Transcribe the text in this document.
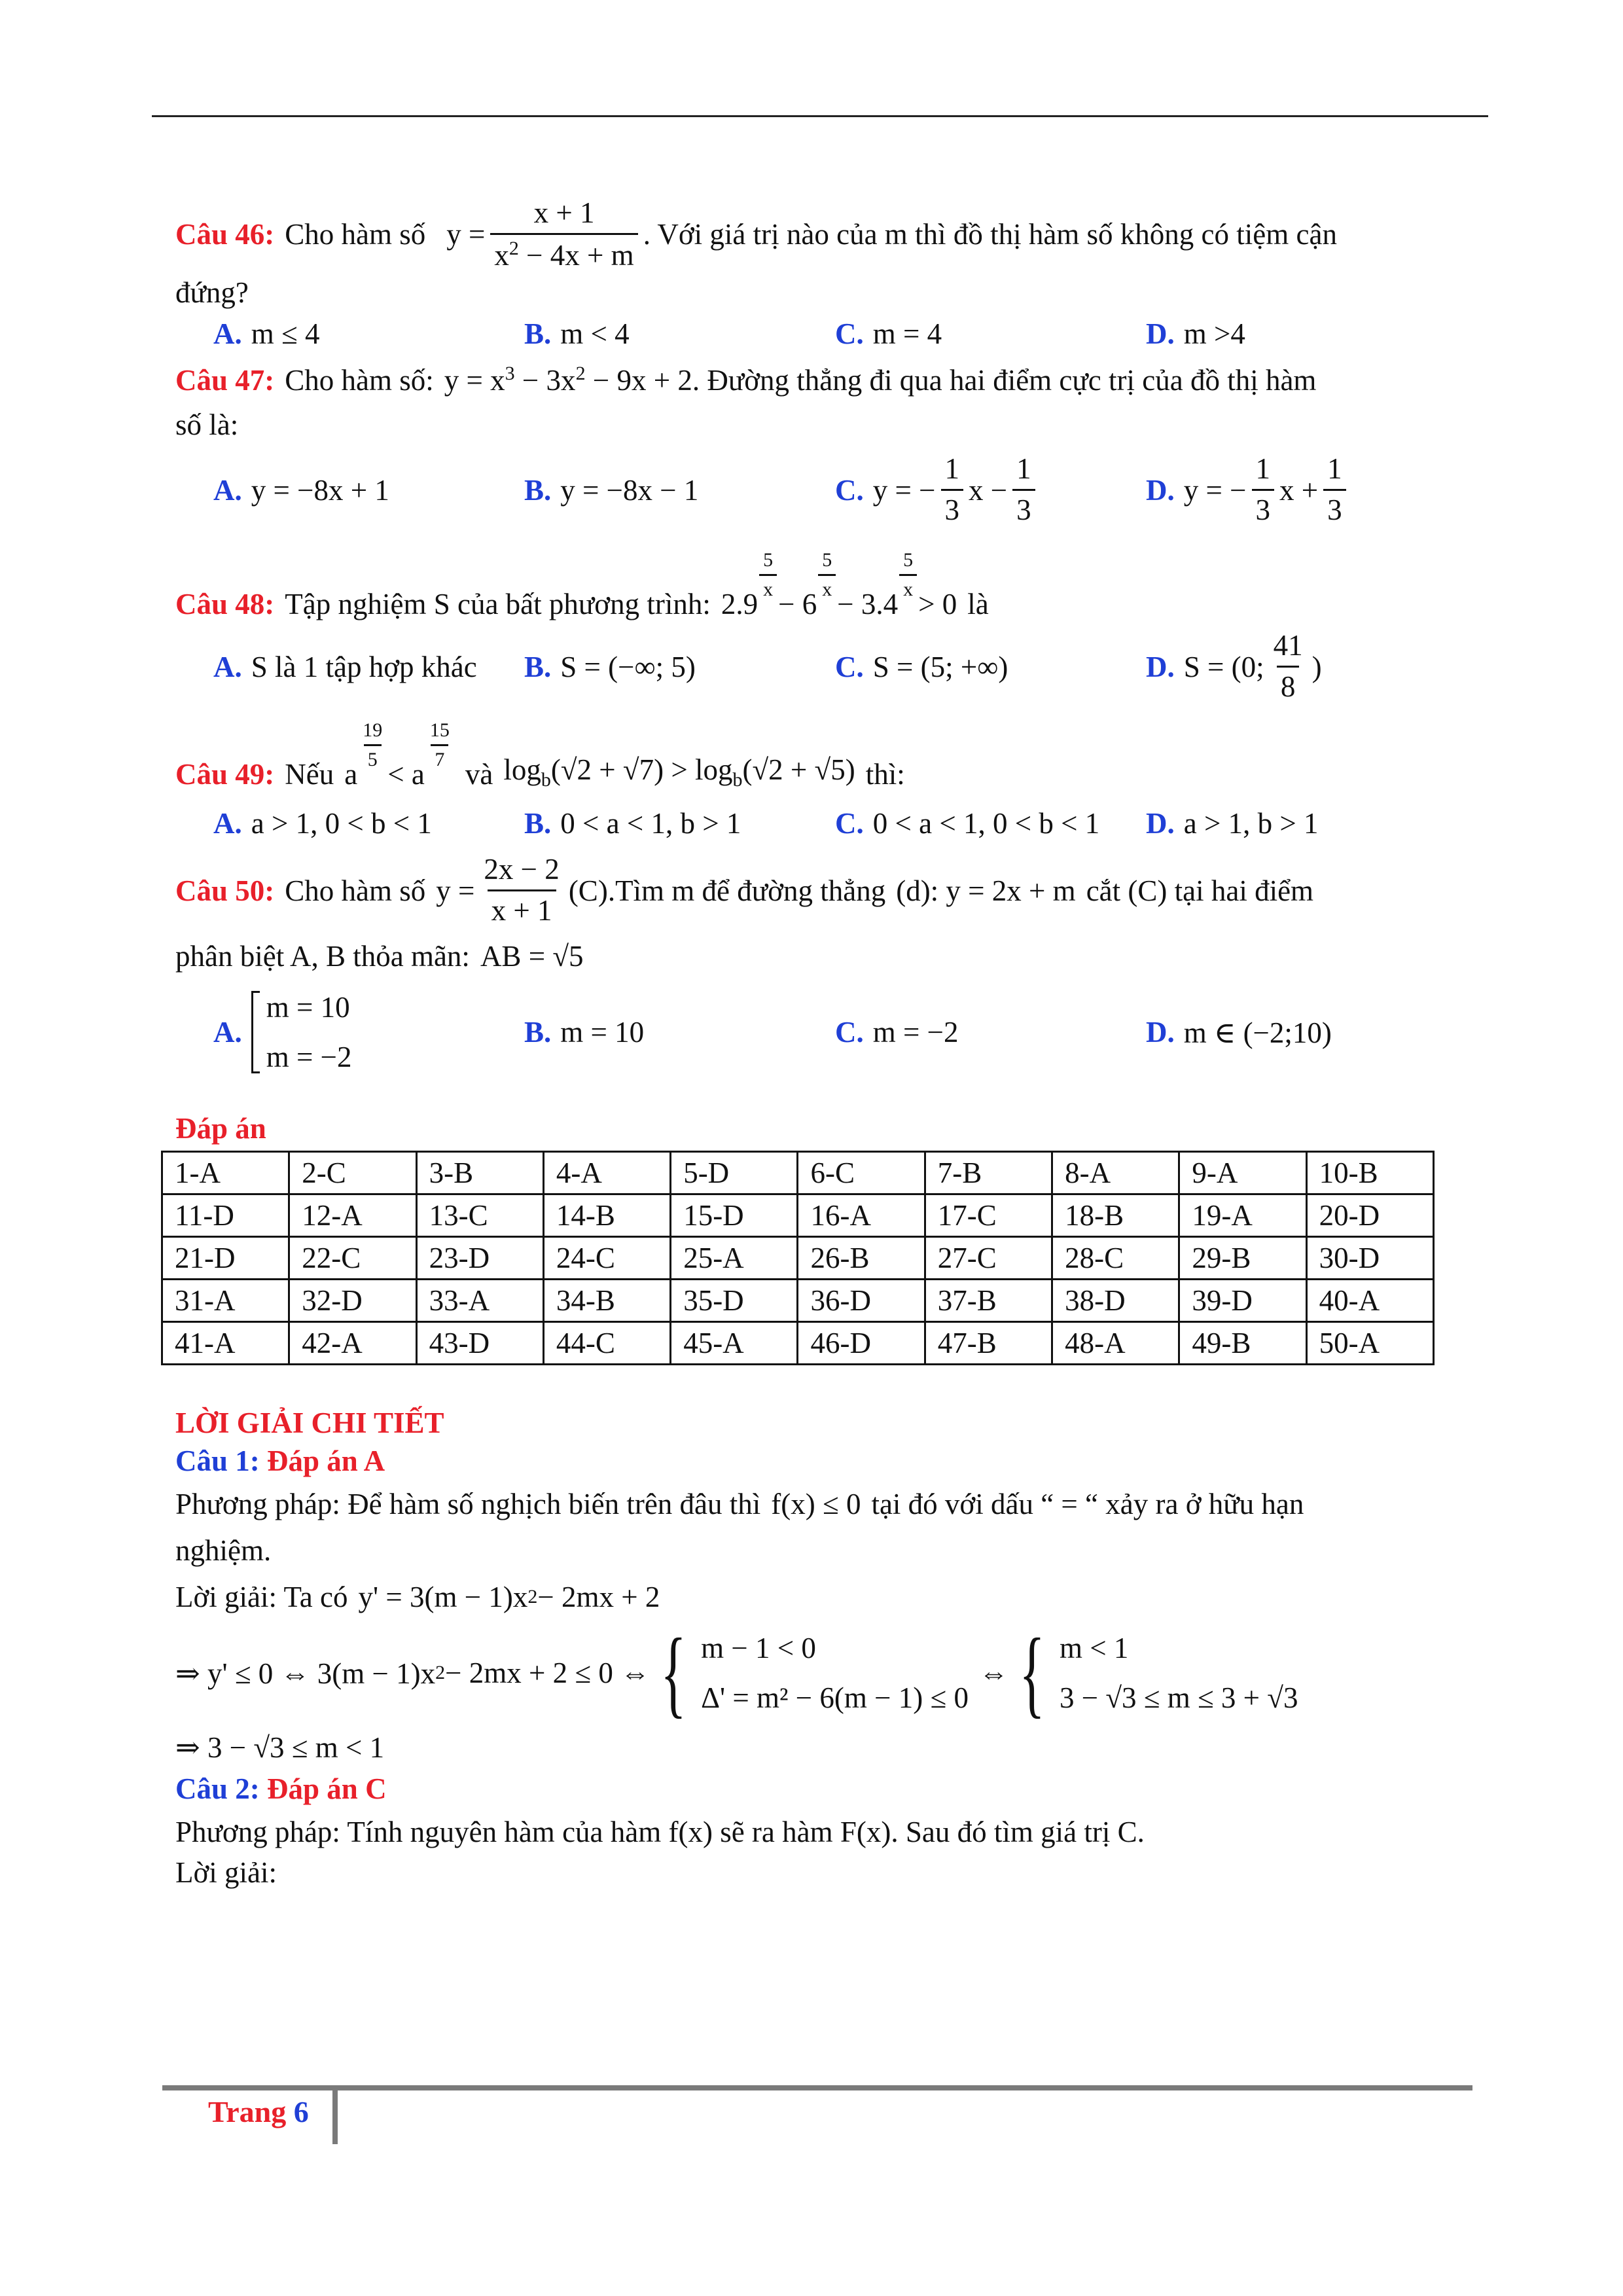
Câu 46: Cho hàm số $y = \frac{x + 1}{x^2 - 4x + m}$ . Với giá trị nào của m thì đồ thị hàm số không có tiệm cận
đứng?
A. m ≤ 4	B. m < 4	C. m = 4	D. m >4
Câu 47: Cho hàm số: $y = x^3 - 3x^2 - 9x + 2$ . Đường thẳng đi qua hai điểm cực trị của đồ thị hàm
số là:
A. y = −8x + 1	B. y = −8x − 1	C. y = − $\frac{1}{3}$ $x - \frac{1}{3}$	D. y = − $\frac{1}{3}$ $x + \frac{1}{3}$
Câu 48: Tập nghiệm S của bất phương trình: 2.9
5
x − 6
5
x − 3.4
5
x > 0 là
A. S là 1 tập hợp khác B. S = (−∞; 5)	C. S = (5; +∞)	D. S = (0;
41
8
)
Câu 49: Nếu a
19
5 < a
15
7 và $\log_b(√2 + √7) > \log_b(√2 + √5)$ thì:
A. a > 1, 0 < b < 1	B. 0 < a < 1, b > 1	C. 0 < a < 1, 0 < b < 1 D. a > 1, b > 1
Câu 50: Cho hàm số $y = \frac{2x - 2}{x + 1} (C)$ .Tìm m để đường thẳng (d): y = 2x + m cắt (C) tại hai điểm
phân biệt A, B thỏa mãn: AB = √5
A.
m = 10
m = −2
B. m = 10	C. m = −2	D. m ∈ (−2;10)
Đáp án
1-A	2-C	3-B	4-A	5-D	6-C	7-B	8-A	9-A	10-B
11-D	12-A	13-C	14-B	15-D	16-A	17-C	18-B	19-A	20-D
21-D	22-C	23-D	24-C	25-A	26-B	27-C	28-C	29-B	30-D
31-A	32-D	33-A	34-B	35-D	36-D	37-B	38-D	39-D	40-A
41-A	42-A	43-D	44-C	45-A	46-D	47-B	48-A	49-B	50-A
LỜI GIẢI CHI TIẾT
Câu 1: Đáp án A
Phương pháp: Để hàm số nghịch biến trên đâu thì f(x) ≤ 0 tại đó với dấu “ = “ xảy ra ở hữu hạn
nghiệm.
Lời giải: Ta có y' = 3(m − 1)x 2 − 2mx + 2
⇒ y' ≤ 0 ⇔ 3(m − 1)x 2 − 2mx + 2 ≤ 0 ⇔ { m − 1 < 0
Δ' = m² − 6(m − 1) ≤ 0
⇔ { m < 1
3 − √3 ≤ m ≤ 3 + √3
⇒ 3 − √3 ≤ m < 1
Câu 2: Đáp án C
Phương pháp: Tính nguyên hàm của hàm f(x) sẽ ra hàm F(x). Sau đó tìm giá trị C.
Lời giải:
Trang 6
